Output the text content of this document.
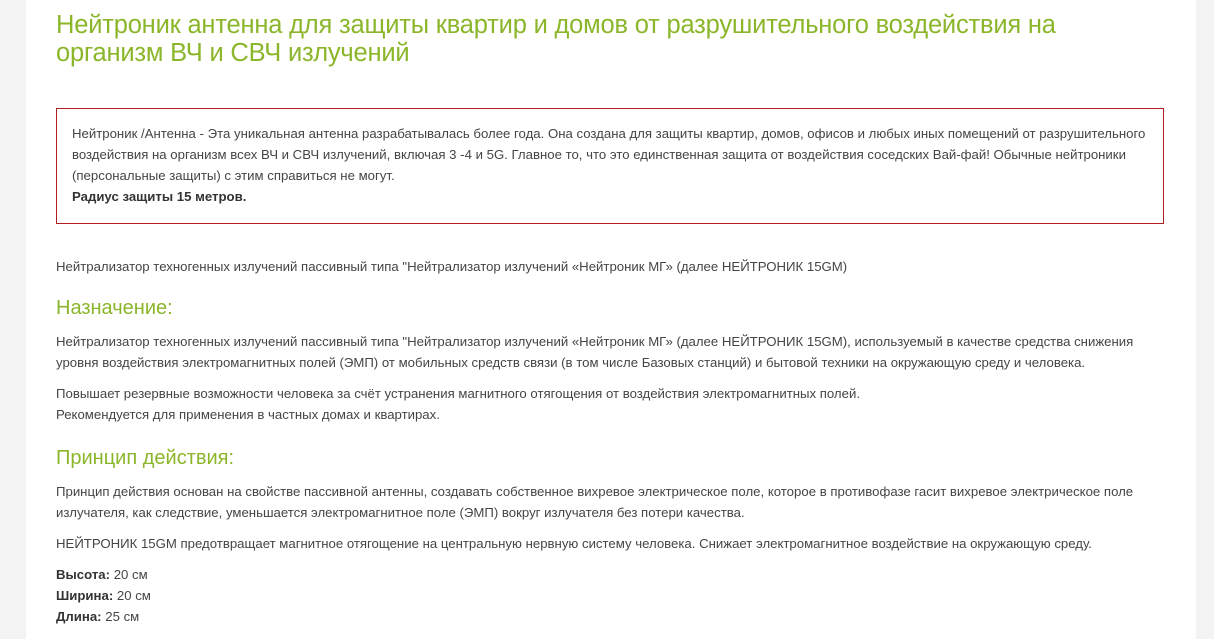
Нейтроник антенна для защиты квартир и домов от разрушительного воздействия на организм ВЧ и СВЧ излучений

Нейтроник /Антенна - Эта уникальная антенна разрабатывалась более года. Она создана для защиты квартир, домов, офисов и любых иных помещений от разрушительного воздействия на организм всех ВЧ и СВЧ излучений, включая 3 -4 и 5G. Главное то, что это единственная защита от воздействия соседских Вай-фай! Обычные нейтроники (персональные защиты) с этим справиться не могут.

Радиус защиты 15 метров.

Нейтрализатор техногенных излучений пассивный типа "Нейтрализатор излучений «Нейтроник МГ» (далее НЕЙТРОНИК 15GM)

Назначение:

Нейтрализатор техногенных излучений пассивный типа "Нейтрализатор излучений «Нейтроник МГ» (далее НЕЙТРОНИК 15GM), используемый в качестве средства снижения уровня воздействия электромагнитных полей (ЭМП) от мобильных средств связи (в том числе Базовых станций) и бытовой техники на окружающую среду и человека.

Повышает резервные возможности человека за счёт устранения магнитного отягощения от воздействия электромагнитных полей.

Рекомендуется для применения в частных домах и квартирах.

Принцип действия:

Принцип действия основан на свойстве пассивной антенны, создавать собственное вихревое электрическое поле, которое в противофазе гасит вихревое электрическое поле излучателя, как следствие, уменьшается электромагнитное поле (ЭМП) вокруг излучателя без потери качества.

НЕЙТРОНИК 15GM предотвращает магнитное отягощение на центральную нервную систему человека. Снижает электромагнитное воздействие на окружающую среду.

Высота: 20 см

Ширина: 20 см

Длина: 25 см
